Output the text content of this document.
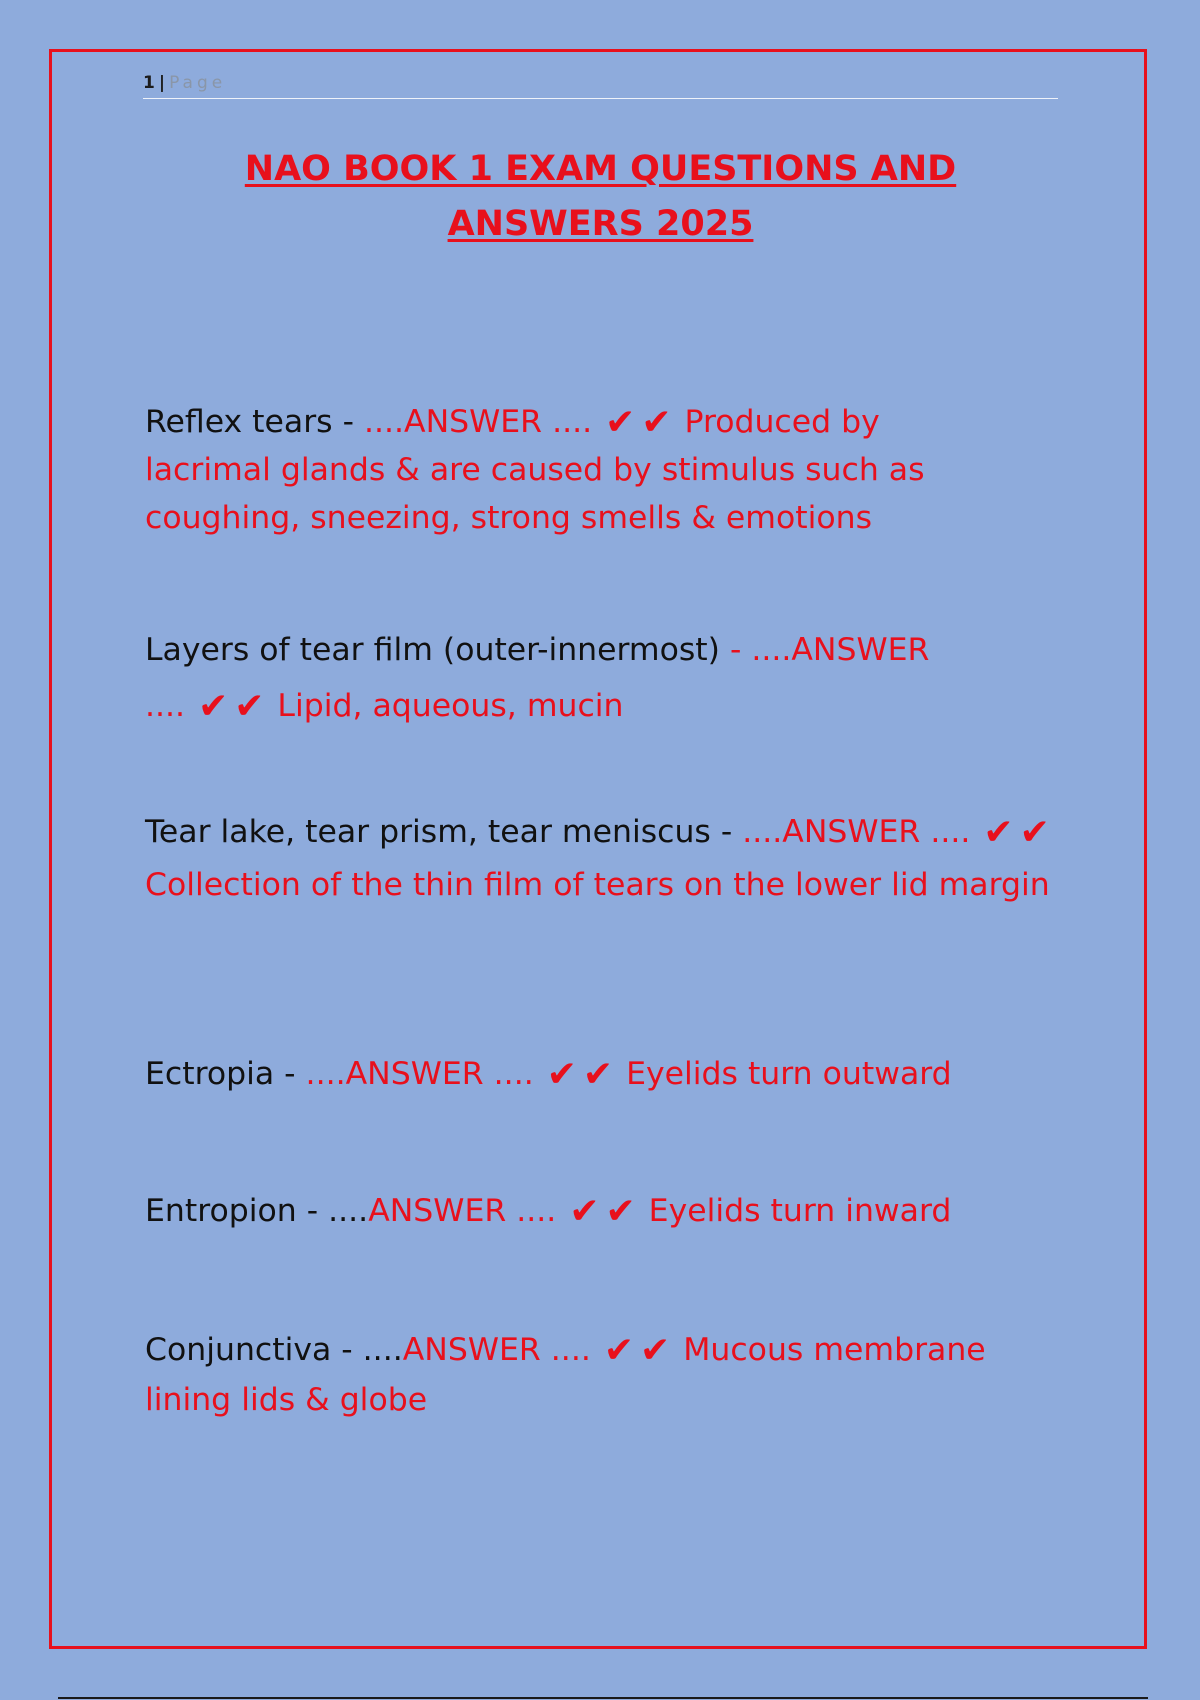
1 | Page
NAO BOOK 1 EXAM QUESTIONS AND
ANSWERS 2025
Reflex tears - ....ANSWER .... ✔ ✔ Produced by lacrimal glands & are caused by stimulus such as coughing, sneezing, strong smells & emotions
Layers of tear film (outer-innermost) - ....ANSWER .... ✔ ✔ Lipid, aqueous, mucin
Tear lake, tear prism, tear meniscus - ....ANSWER .... ✔ ✔ Collection of the thin film of tears on the lower lid margin
Ectropia - ....ANSWER .... ✔ ✔ Eyelids turn outward
Entropion - ....ANSWER .... ✔ ✔ Eyelids turn inward
Conjunctiva - ....ANSWER .... ✔ ✔ Mucous membrane lining lids & globe
